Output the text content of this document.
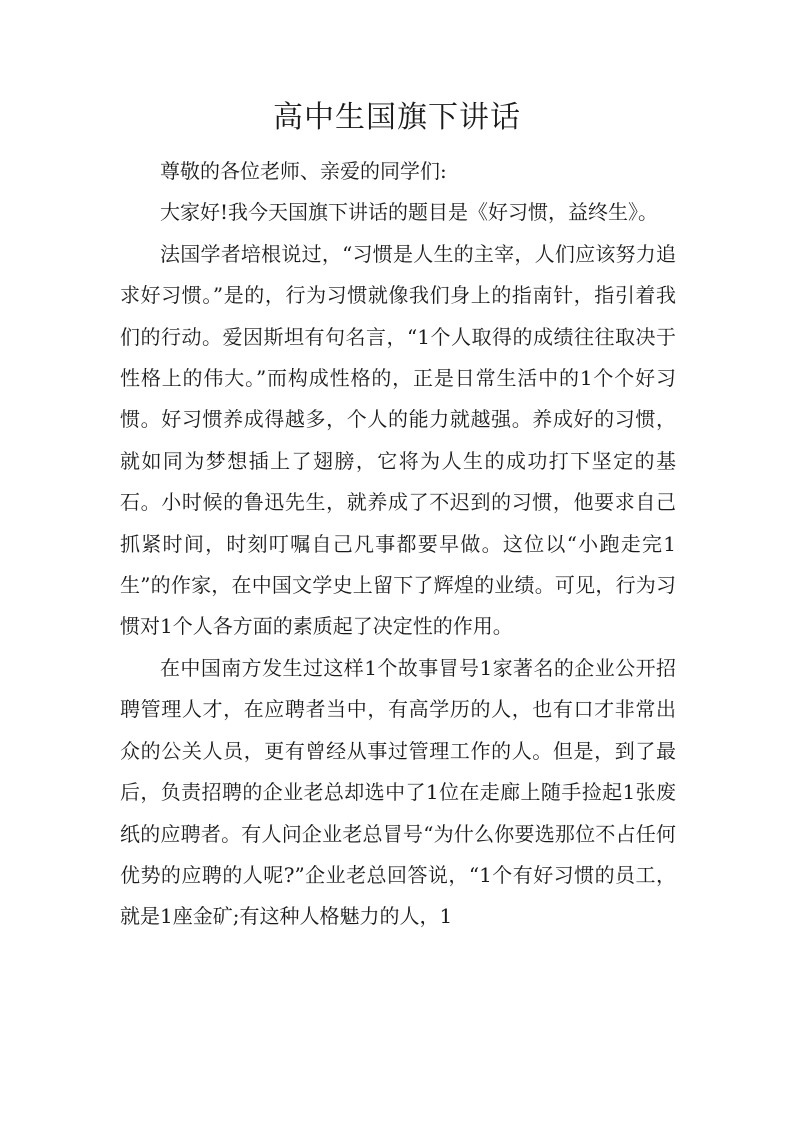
高中生国旗下讲话

尊敬的各位老师、亲爱的同学们:

大家好!我今天国旗下讲话的题目是《好习惯，益终生》。

法国学者培根说过，“习惯是人生的主宰，人们应该努力追求好习惯。”是的，行为习惯就像我们身上的指南针，指引着我们的行动。爱因斯坦有句名言，“1个人取得的成绩往往取决于性格上的伟大。”而构成性格的，正是日常生活中的1个个好习惯。好习惯养成得越多，个人的能力就越强。养成好的习惯，就如同为梦想插上了翅膀，它将为人生的成功打下坚定的基石。小时候的鲁迅先生，就养成了不迟到的习惯，他要求自己抓紧时间，时刻叮嘱自己凡事都要早做。这位以“小跑走完1生”的作家，在中国文学史上留下了辉煌的业绩。可见，行为习惯对1个人各方面的素质起了决定性的作用。

在中国南方发生过这样1个故事冒号1家著名的企业公开招聘管理人才，在应聘者当中，有高学历的人，也有口才非常出众的公关人员，更有曾经从事过管理工作的人。但是，到了最后，负责招聘的企业老总却选中了1位在走廊上随手捡起1张废纸的应聘者。有人问企业老总冒号“为什么你要选那位不占任何优势的应聘的人呢?”企业老总回答说，“1个有好习惯的员工，就是1座金矿;有这种人格魅力的人，1
